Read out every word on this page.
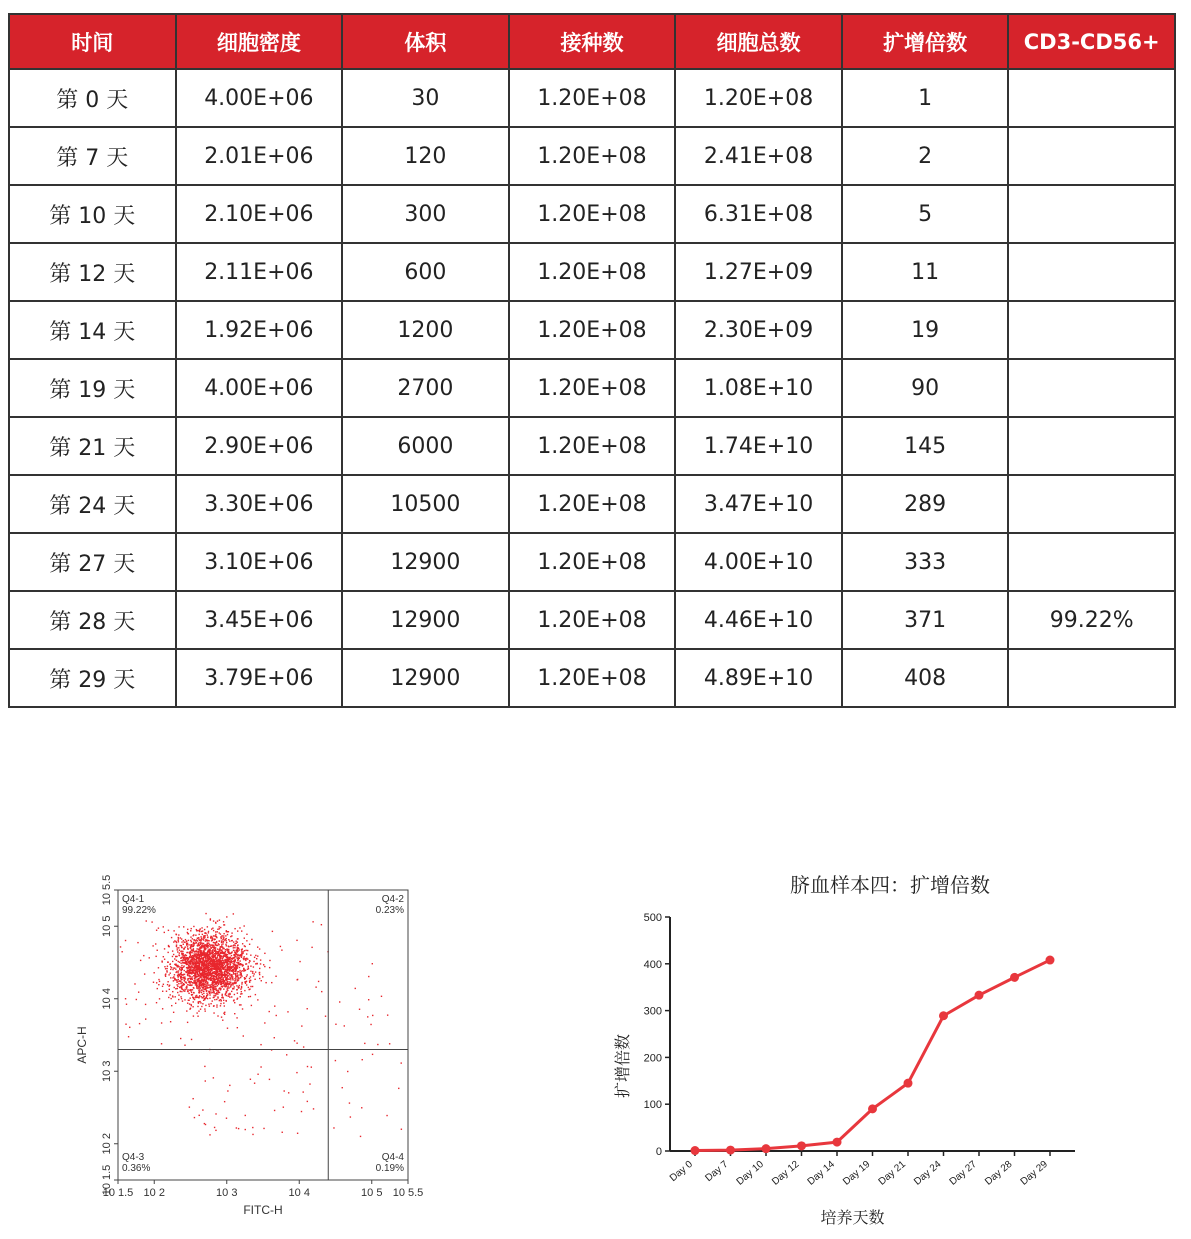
时间	细胞密度	体积	接种数	细胞总数	扩增倍数	CD3-CD56+
第 0 天	4.00E+06	30	1.20E+08	1.20E+08	1	
第 7 天	2.01E+06	120	1.20E+08	2.41E+08	2	
第 10 天	2.10E+06	300	1.20E+08	6.31E+08	5	
第 12 天	2.11E+06	600	1.20E+08	1.27E+09	11	
第 14 天	1.92E+06	1200	1.20E+08	2.30E+09	19	
第 19 天	4.00E+06	2700	1.20E+08	1.08E+10	90	
第 21 天	2.90E+06	6000	1.20E+08	1.74E+10	145	
第 24 天	3.30E+06	10500	1.20E+08	3.47E+10	289	
第 27 天	3.10E+06	12900	1.20E+08	4.00E+10	333	
第 28 天	3.45E+06	12900	1.20E+08	4.46E+10	371	99.22%
第 29 天	3.79E+06	12900	1.20E+08	4.89E+10	408	
Q4-1
99.22%
Q4-2
0.23%
Q4-3
0.36%
Q4-4
0.19%
10 1.5 10 2	10 3	10 4	10 5 10 5.5
10 1.5
10 2
10 3
10 4
10 5
10 5.5
FITC-H
APC-H
脐血样本四：扩增倍数
0
100
200
300
400
500
Day 0 Day 7 Day 10 Day 12 Day 14 Day 19 Day 21 Day 24 Day 27 Day 28 Day 29
培养天数
扩增倍数
